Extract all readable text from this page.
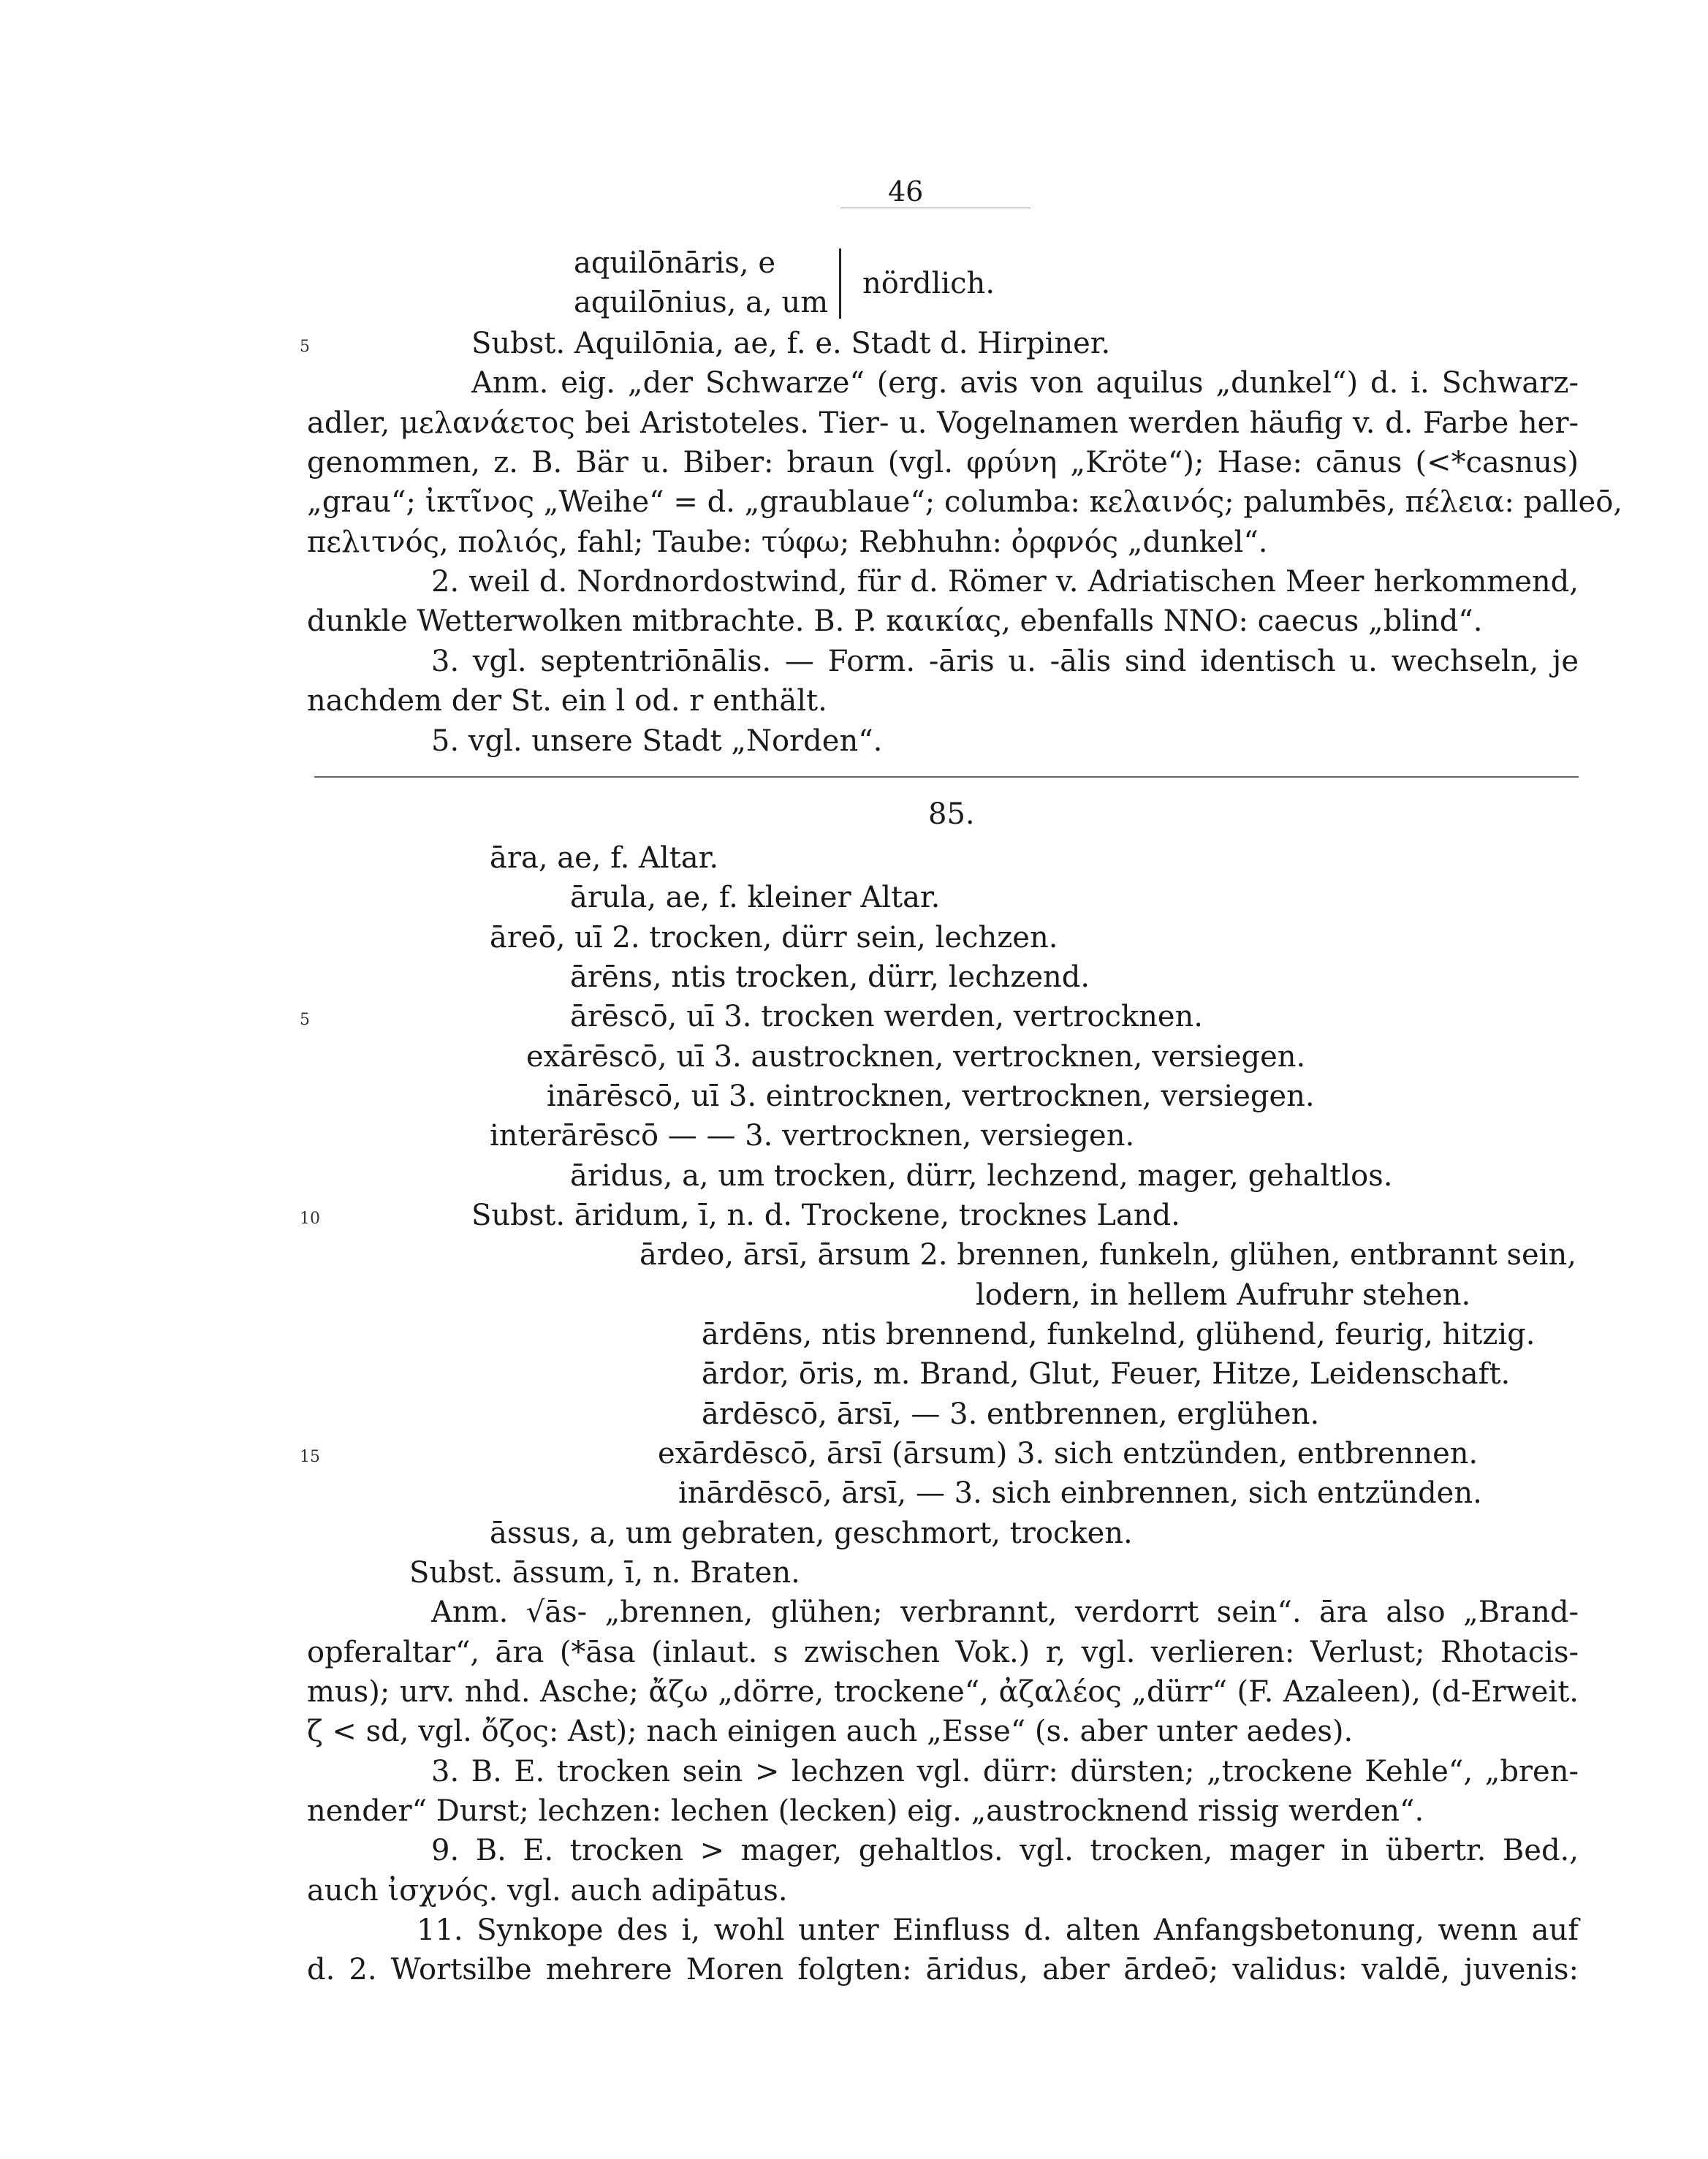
46
aquilōnāris, e
aquilōnius, a, um
nördlich.
5	Subst. Aquilōnia, ae, f. e. Stadt d. Hirpiner.
Anm. eig. „der Schwarze“ (erg. avis von aquilus „dunkel“) d. i. Schwarz-
adler, μελανάετος bei Aristoteles. Tier- u. Vogelnamen werden häufig v. d. Farbe her-
genommen, z. B. Bär u. Biber: braun (vgl. φρύνη „Kröte“); Hase: cānus (<*casnus)
„grau“; ἰκτῖνος „Weihe“ = d. „graublaue“; columba: κελαινός; palumbēs, πέλεια: palleō,
πελιτνός, πολιός, fahl; Taube: τύφω; Rebhuhn: ὀρφνός „dunkel“.
2. weil d. Nordnordostwind, für d. Römer v. Adriatischen Meer herkommend,
dunkle Wetterwolken mitbrachte. B. P. καικίας, ebenfalls NNO: caecus „blind“.
3. vgl. septentriōnālis. — Form. -āris u. -ālis sind identisch u. wechseln, je
nachdem der St. ein l od. r enthält.
5. vgl. unsere Stadt „Norden“.
85.
āra, ae, f. Altar.
ārula, ae, f. kleiner Altar.
āreō, uī 2. trocken, dürr sein, lechzen.
ārēns, ntis trocken, dürr, lechzend.
5	ārēscō, uī 3. trocken werden, vertrocknen.
exārēscō, uī 3. austrocknen, vertrocknen, versiegen.
inārēscō, uī 3. eintrocknen, vertrocknen, versiegen.
interārēscō — — 3. vertrocknen, versiegen.
āridus, a, um trocken, dürr, lechzend, mager, gehaltlos.
10	Subst. āridum, ī, n. d. Trockene, trocknes Land.
ārdeo, ārsī, ārsum 2. brennen, funkeln, glühen, entbrannt sein,
lodern, in hellem Aufruhr stehen.
ārdēns, ntis brennend, funkelnd, glühend, feurig, hitzig.
ārdor, ōris, m. Brand, Glut, Feuer, Hitze, Leidenschaft.
ārdēscō, ārsī, — 3. entbrennen, erglühen.
15	exārdēscō, ārsī (ārsum) 3. sich entzünden, entbrennen.
inārdēscō, ārsī, — 3. sich einbrennen, sich entzünden.
āssus, a, um gebraten, geschmort, trocken.
Subst. āssum, ī, n. Braten.
Anm. √ās- „brennen, glühen; verbrannt, verdorrt sein“. āra also „Brand-
opferaltar“, āra (*āsa (inlaut. s zwischen Vok.) r, vgl. verlieren: Verlust; Rhotacis-
mus); urv. nhd. Asche; ἄζω „dörre, trockene“, ἀζαλέος „dürr“ (F. Azaleen), (d-Erweit.
ζ < sd, vgl. ὄζος: Ast); nach einigen auch „Esse“ (s. aber unter aedes).
3. B. E. trocken sein > lechzen vgl. dürr: dürsten; „trockene Kehle“, „bren-
nender“ Durst; lechzen: lechen (lecken) eig. „austrocknend rissig werden“.
9. B. E. trocken > mager, gehaltlos. vgl. trocken, mager in übertr. Bed.,
auch ἰσχνός. vgl. auch adipātus.
11. Synkope des i, wohl unter Einfluss d. alten Anfangsbetonung, wenn auf
d. 2. Wortsilbe mehrere Moren folgten: āridus, aber ārdeō; validus: valdē, juvenis:
